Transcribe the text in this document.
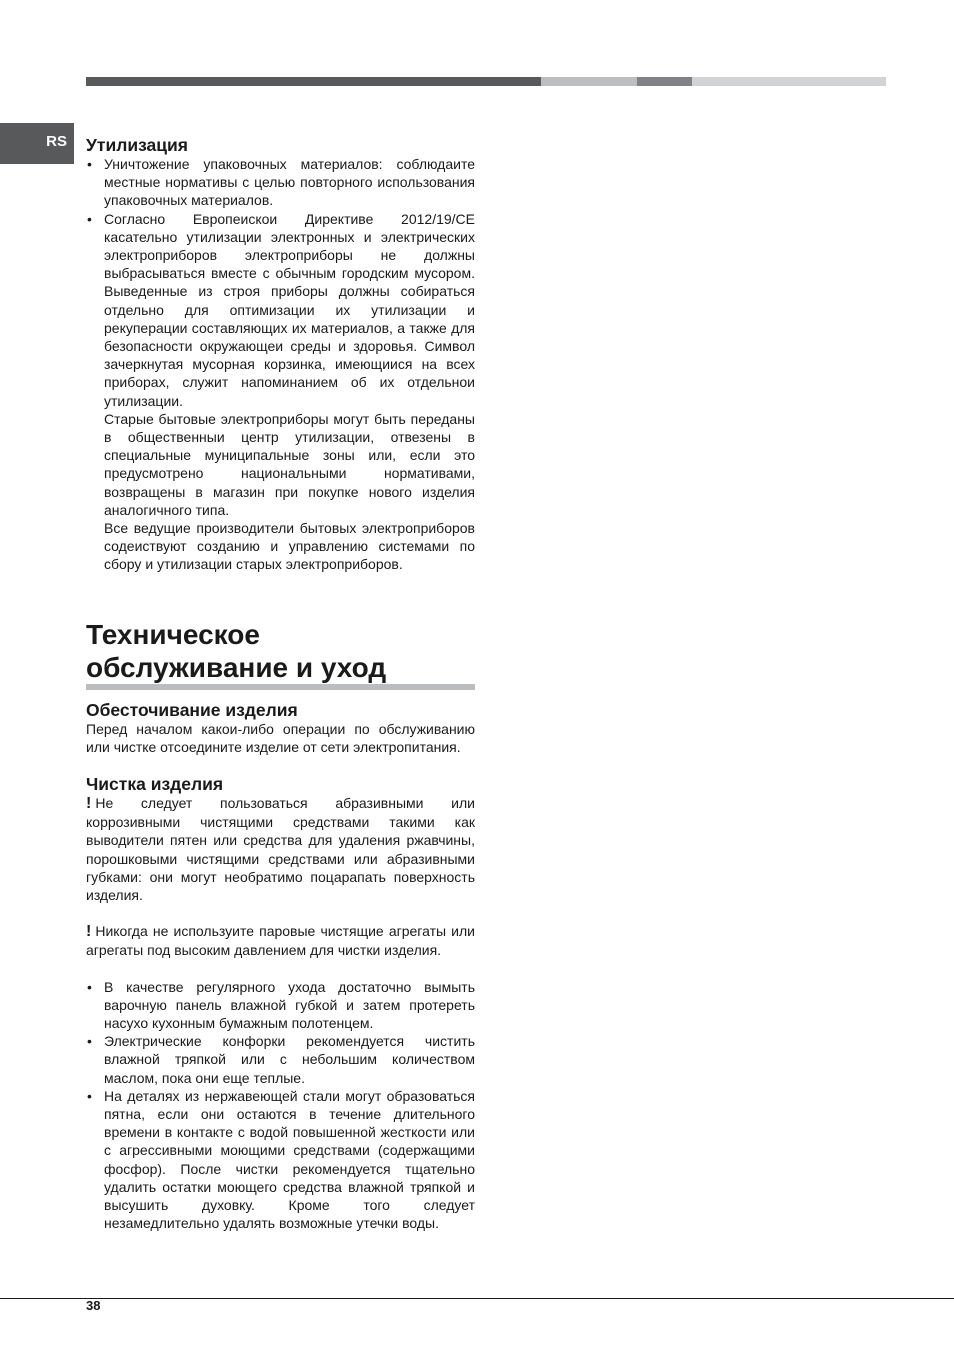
RS	Утилизация
• Уничтожение упаковочных материалов: соблюдаите местные нормативы с целью повторного использования упаковочных материалов.
• Согласно Европеискои Директиве 2012/19/CE касательно утилизации электронных и электрических электроприборов электроприборы не должны выбрасываться вместе с обычным городским мусором. Выведенные из строя приборы должны собираться отдельно для оптимизации их утилизации и рекуперации составляющих их материалов, а также для безопасности окружающеи среды и здоровья. Символ зачеркнутая мусорная корзинка, имеющиися на всех приборах, служит напоминанием об их отдельнои утилизации.

Старые бытовые электроприборы могут быть переданы в общественныи центр утилизации, отвезены в специальные муниципальные зоны или, если это предусмотрено национальными нормативами, возвращены в магазин при покупке нового изделия аналогичного типа.

Все ведущие производители бытовых электроприборов содеиствуют созданию и управлению системами по сбору и утилизации старых электроприборов.

Техническое
обслуживание и уход
Обесточивание изделия

Перед началом какои-либо операции по обслуживанию или чистке отсоедините изделие от сети электропитания.

Чистка изделия

! Не следует пользоваться абразивными или коррозивными чистящими средствами такими как выводители пятен или средства для удаления ржавчины, порошковыми чистящими средствами или абразивными губками: они могут необратимо поцарапать поверхность изделия.

! Никогда не используите паровые чистящие агрегаты или агрегаты под высоким давлением для чистки изделия.

• В качестве регулярного ухода достаточно вымыть варочную панель влажной губкой и затем протереть насухо кухонным бумажным полотенцем.
• Электрические конфорки рекомендуется чистить влажной тряпкой или с небольшим количеством маслом, пока они еще теплые.
• На деталях из нержавеющей стали могут образоваться пятна, если они остаются в течение длительного времени в контакте с водой повышенной жесткости или с агрессивными моющими средствами (содержащими фосфор). После чистки рекомендуется тщательно удалить остатки моющего средства влажной тряпкой и высушить духовку. Кроме того следует незамедлительно удалять возможные утечки воды.
38
